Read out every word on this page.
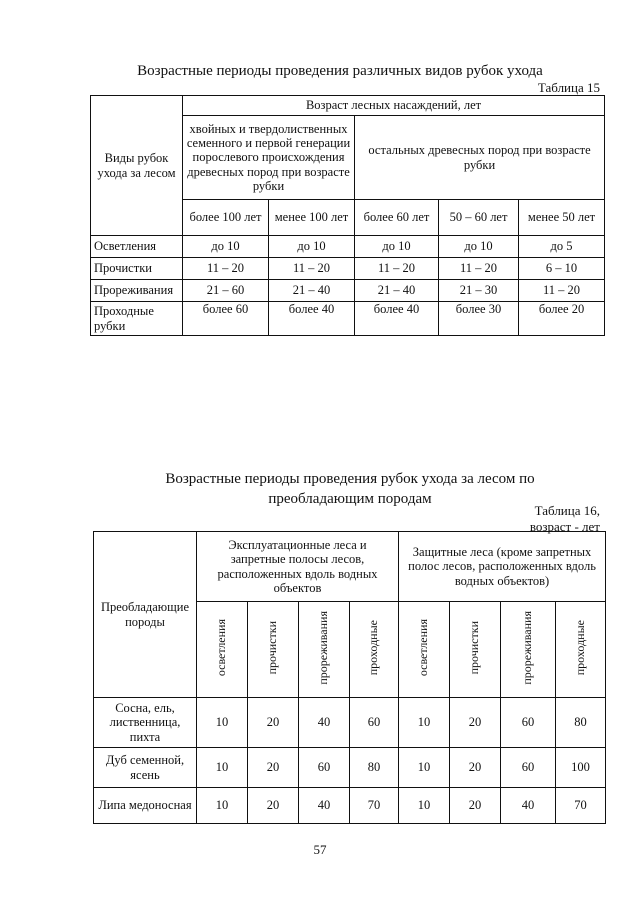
Возрастные периоды проведения различных видов рубок ухода
Таблица 15
Виды рубок ухода за лесом	Возраст лесных насаждений, лет				
	хвойных и твердолиственных семенного и первой генерации порослевого происхождения древесных пород при возрасте рубки		остальных древесных пород при возрасте рубки		
	более 100 лет	менее 100 лет	более 60 лет	50 – 60 лет	менее 50 лет
Осветления	до 10	до 10	до 10	до 10	до 5
Прочистки	11 – 20	11 – 20	11 – 20	11 – 20	6 – 10
Прореживания	21 – 60	21 – 40	21 – 40	21 – 30	11 – 20
Проходные рубки	более 60	более 40	более 40	более 30	более 20
Возрастные периоды проведения рубок ухода за лесом по преобладающим породам
Таблица 16,
возраст - лет
Преобладающие породы	Эксплуатационные леса и запретные полосы лесов, расположенных вдоль водных объектов				Защитные леса (кроме запретных полос лесов, расположенных вдоль водных объектов)			
	осветления	прочистки	прореживания	проходные	осветления	прочистки	прореживания	проходные
Сосна, ель, лиственница, пихта	10	20	40	60	10	20	60	80
Дуб семенной, ясень	10	20	60	80	10	20	60	100
Липа медоносная	10	20	40	70	10	20	40	70
57
